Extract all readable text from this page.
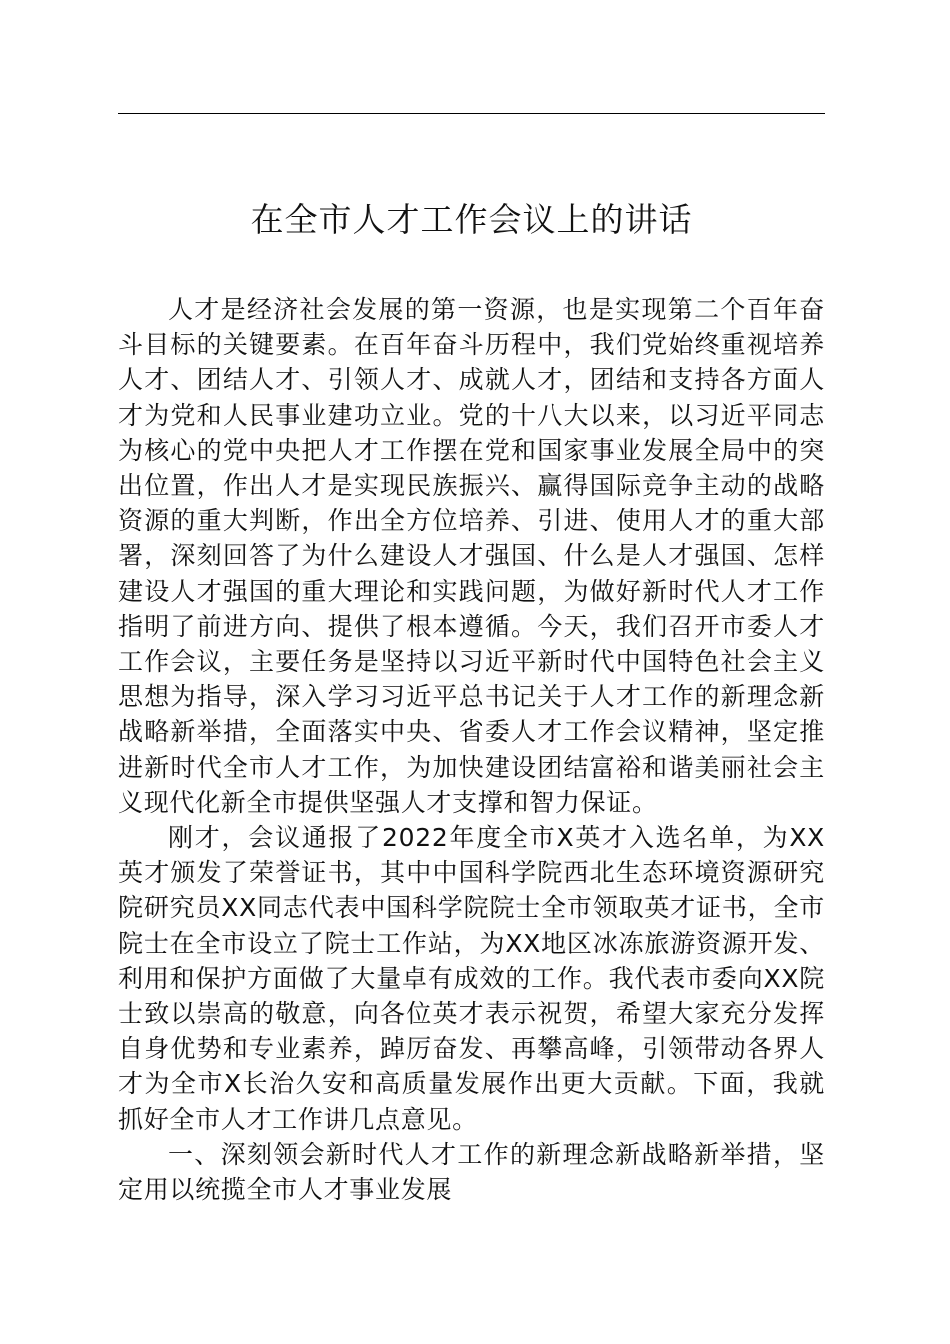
在全市人才工作会议上的讲话

人才是经济社会发展的第一资源，也是实现第二个百年奋斗目标的关键要素。在百年奋斗历程中，我们党始终重视培养人才、团结人才、引领人才、成就人才，团结和支持各方面人才为党和人民事业建功立业。党的十八大以来，以习近平同志为核心的党中央把人才工作摆在党和国家事业发展全局中的突出位置，作出人才是实现民族振兴、赢得国际竞争主动的战略资源的重大判断，作出全方位培养、引进、使用人才的重大部署，深刻回答了为什么建设人才强国、什么是人才强国、怎样建设人才强国的重大理论和实践问题，为做好新时代人才工作指明了前进方向、提供了根本遵循。今天，我们召开市委人才工作会议，主要任务是坚持以习近平新时代中国特色社会主义思想为指导，深入学习习近平总书记关于人才工作的新理念新战略新举措，全面落实中央、省委人才工作会议精神，坚定推进新时代全市人才工作，为加快建设团结富裕和谐美丽社会主义现代化新全市提供坚强人才支撑和智力保证。

刚才，会议通报了2022年度全市X英才入选名单，为XX英才颁发了荣誉证书，其中中国科学院西北生态环境资源研究院研究员XX同志代表中国科学院院士全市领取英才证书，全市院士在全市设立了院士工作站，为XX地区冰冻旅游资源开发、利用和保护方面做了大量卓有成效的工作。我代表市委向XX院士致以崇高的敬意，向各位英才表示祝贺，希望大家充分发挥自身优势和专业素养，踔厉奋发、再攀高峰，引领带动各界人才为全市X长治久安和高质量发展作出更大贡献。下面，我就抓好全市人才工作讲几点意见。

一、深刻领会新时代人才工作的新理念新战略新举措，坚定用以统揽全市人才事业发展
